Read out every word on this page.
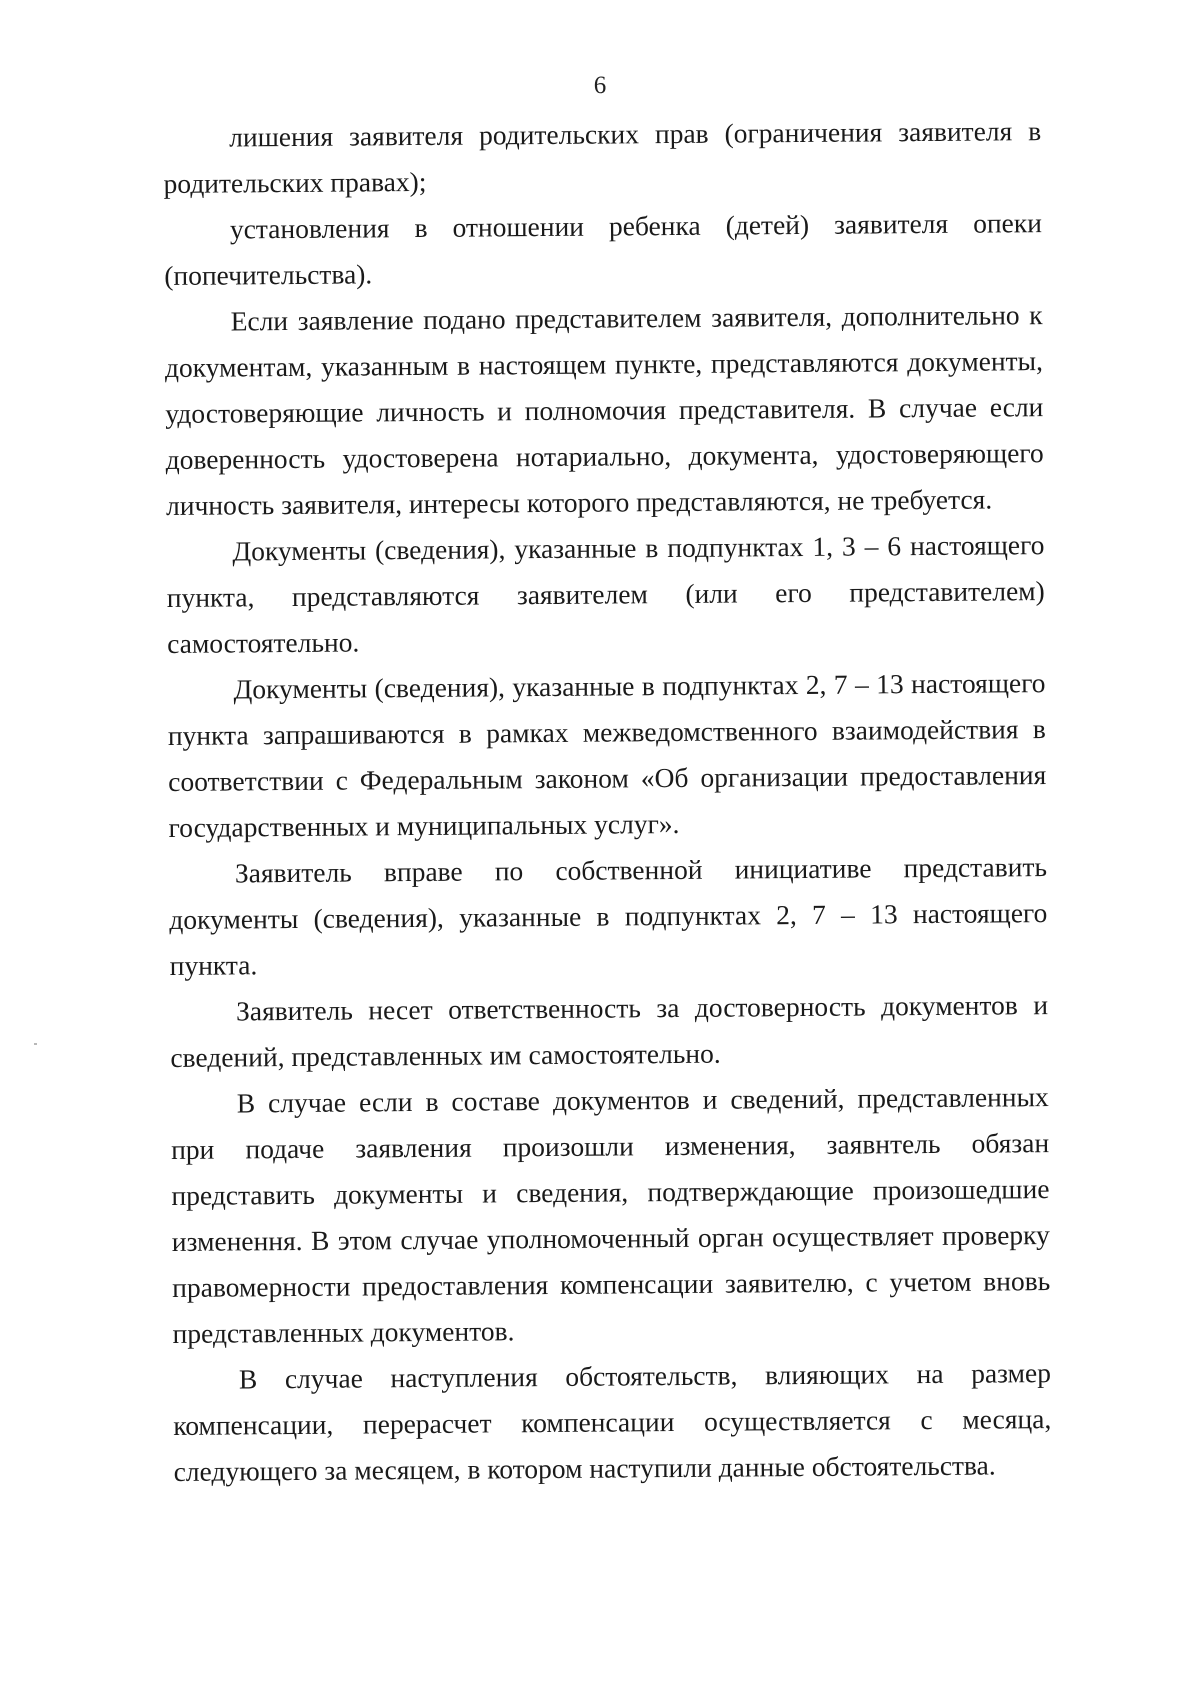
6

лишения заявителя родительских прав (ограничения заявителя в родительских правах);

установления в отношении ребенка (детей) заявителя опеки (попечительства).

Если заявление подано представителем заявителя, дополнительно к документам, указанным в настоящем пункте, представляются документы, удостоверяющие личность и полномочия представителя. В случае если доверенность удостоверена нотариально, документа, удостоверяющего личность заявителя, интересы которого представляются, не требуется.

Документы (сведения), указанные в подпунктах 1, 3 – 6 настоящего пункта, представляются заявителем (или его представителем) самостоятельно.

Документы (сведения), указанные в подпунктах 2, 7 – 13 настоящего пункта запрашиваются в рамках межведомственного взаимодействия в соответствии с Федеральным законом «Об организации предоставления государственных и муниципальных услуг».

Заявитель вправе по собственной инициативе представить документы (сведения), указанные в подпунктах 2, 7 – 13 настоящего пункта.

Заявитель несет ответственность за достоверность документов и сведений, представленных им самостоятельно.

В случае если в составе документов и сведений, представленных при подаче заявления произошли изменения, заявнтель обязан представить документы и сведения, подтверждающие произошедшие изменення. В этом случае уполномоченный орган осуществляет проверку правомерности предоставления компенсации заявителю, с учетом вновь представленных документов.

В случае наступления обстоятельств, влияющих на размер компенсации, перерасчет компенсации осуществляется с месяца, следующего за месяцем, в котором наступили данные обстоятельства.
